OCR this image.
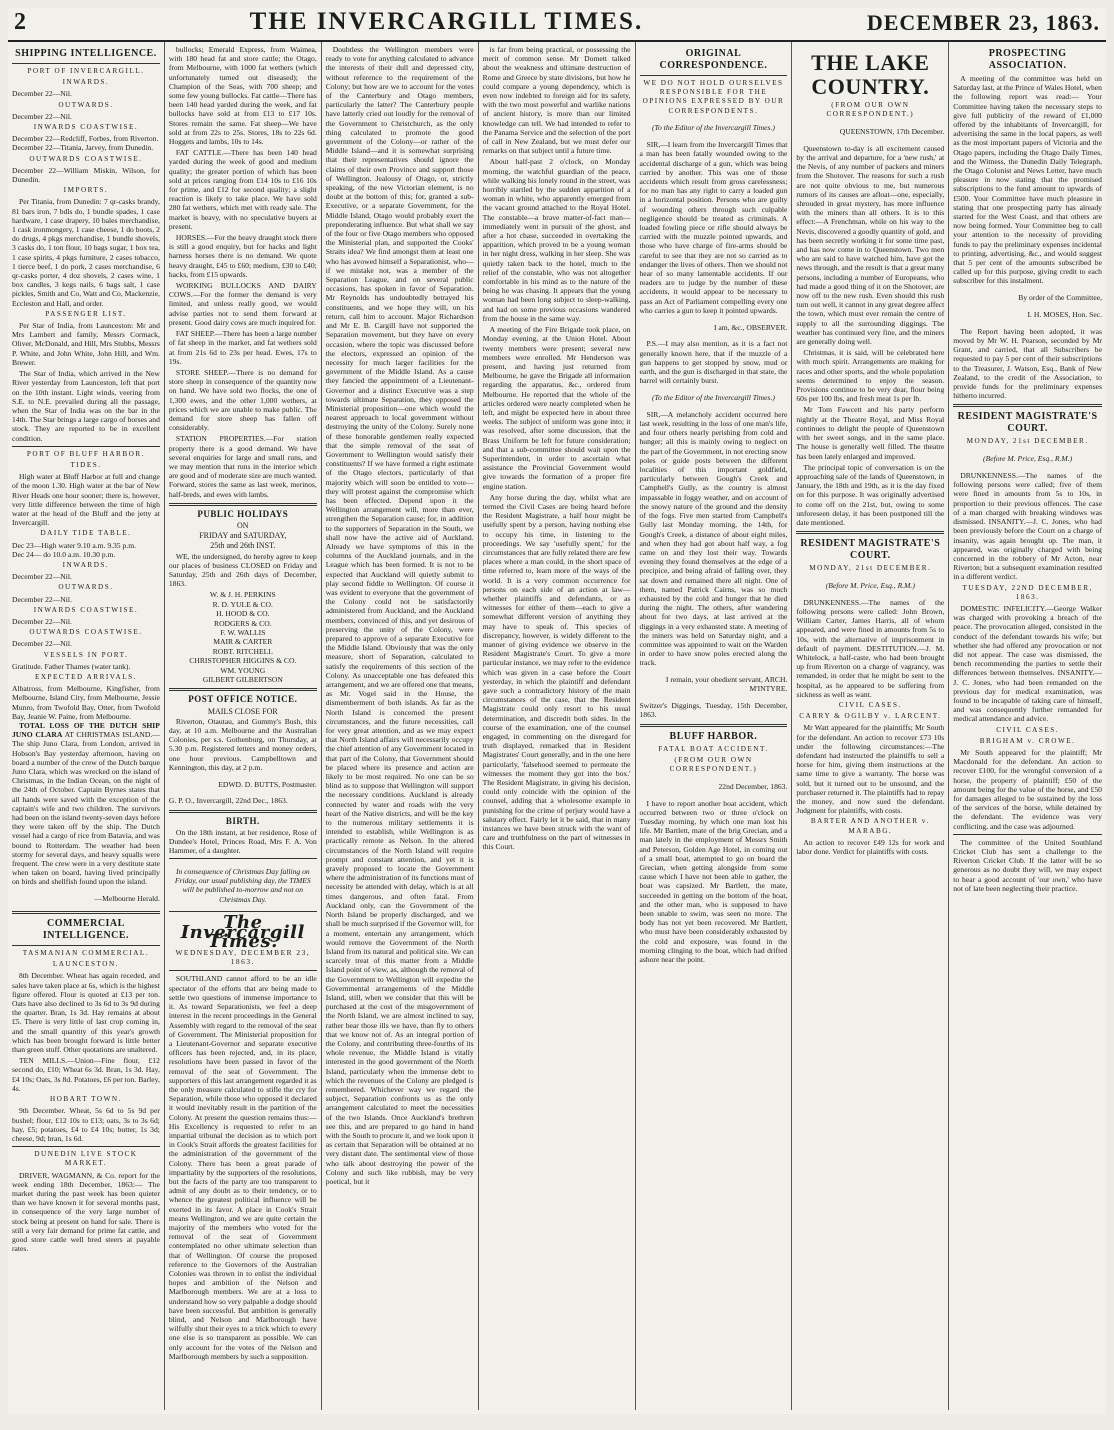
2	THE INVERCARGILL TIMES.	DECEMBER 23, 1863.
SHIPPING INTELLIGENCE.
PORT OF INVERCARGILL.
INWARDS.

December 22—Nil.

OUTWARDS.

December 22—Nil.

INWARDS COASTWISE.

December 22—Redcliff, Forbes, from Riverton.

December 22—Titania, Jarvey, from Dunedin.

OUTWARDS COASTWISE.

December 22—William Miskin, Wilson, for Dunedin.

IMPORTS.

Per Titania, from Dunedin: 7 qr-casks brandy, 81 bars iron, 7 bdls do, 1 bundle spades, 1 case hardware, 1 case drapery, 10 bales merchandise, 1 cask ironmongery, 1 case cheese, 1 do boots, 2 do drugs, 4 pkgs merchandise, 1 bundle shovels, 3 casks do, 1 ton flour, 10 bags sugar, 1 box tea, 1 case spirits, 4 pkgs furniture, 2 cases tobacco, 1 tierce beef, 1 do pork, 2 cases merchandise, 6 qr-casks porter, 4 doz shovels, 2 cases wine, 1 box candles, 3 kegs nails, 6 bags salt, 1 case pickles, Smith and Co, Watt and Co, Mackenzie, Eccleston and Hall, and order.

PASSENGER LIST.

Per Star of India, from Launceston: Mr and Mrs Lambert and family, Messrs Cormack, Oliver, McDonald, and Hill, Mrs Stubbs, Messrs P. White, and John White, John Hill, and Wm. Brewer.

The Star of India, which arrived in the New River yesterday from Launceston, left that port on the 10th instant. Light winds, veering from S.E. to N.E. prevailed during all the passage, when the Star of India was on the bar in the 14th. The Star brings a large cargo of horses and stock. They are reported to be in excellent condition.

PORT OF BLUFF HARBOR.
TIDES.

High water at Bluff Harbor at full and change of the moon 1.30. High water at the bar of New River Heads one hour sooner; there is, however, very little difference between the time of high water at the head of the Bluff and the jetty at Invercargill.

DAILY TIDE TABLE.

Dec 23—High water 9.10 a.m. 9.35 p.m.

Dec 24— do 10.0 a.m. 10.30 p.m.

INWARDS.

December 22—Nil.

OUTWARDS.

December 22—Nil.

INWARDS COASTWISE.

December 22—Nil.

OUTWARDS COASTWISE.

December 22—Nil.

VESSELS IN PORT.

Gratitude. Father Thames (water tank).

EXPECTED ARRIVALS.

Albatross, from Melbourne, Kingfisher, from Melbourne, Island City, from Melbourne, Jessie Munro, from Twofold Bay, Otter, from Twofold Bay, Jeanie W. Paine, from Melbourne.

TOTAL LOSS OF THE DUTCH SHIP JUNO CLARA AT CHRISTMAS ISLAND.—The ship Juno Clara, from London, arrived in Hobson's Bay yesterday afternoon, having on board a number of the crew of the Dutch barque Juno Clara, which was wrecked on the island of Christmas, in the Indian Ocean, on the night of the 24th of October. Captain Byrnes states that all hands were saved with the exception of the captain's wife and two children. The survivors had been on the island twenty-seven days before they were taken off by the ship. The Dutch vessel had a cargo of rice from Batavia, and was bound to Rotterdam. The weather had been stormy for several days, and heavy squalls were frequent. The crew were in a very destitute state when taken on board, having lived principally on birds and shellfish found upon the island.

—Melbourne Herald.

COMMERCIAL INTELLIGENCE.
TASMANIAN COMMERCIAL.
LAUNCESTON.

8th December. Wheat has again receded, and sales have taken place at 6s, which is the highest figure offered. Flour is quoted at £13 per ton. Oats have also declined to 3s 6d to 3s 9d during the quarter. Bran, 1s 3d. Hay remains at about £5. There is very little of last crop coming in, and the small quantity of this year's growth which has been brought forward is little better than green stuff. Other quotations are unaltered.

TEN MILLS.—Union—Fine flour, £12 second do, £10; Wheat 6s 3d. Bran, 1s 3d. Hay, £4 10s; Oats, 3s 8d. Potatoes, £6 per ton. Barley, 4s.

HOBART TOWN.

9th December. Wheat, 5s 6d to 5s 9d per bushel; flour, £12 10s to £13; oats, 3s to 3s 6d; hay, £5; potatoes, £4 to £4 10s; butter, 1s 3d; cheese, 9d; bran, 1s 6d.

DUNEDIN LIVE STOCK MARKET.

DRIVER, WAGMANN, & Co. report for the week ending 18th December, 1863:— The market during the past week has been quieter than we have known it for several months past, in consequence of the very large number of stock being at present on hand for sale. There is still a very fair demand for prime fat cattle, and good store cattle well bred steers at payable rates.

bullocks; Emerald Express, from Waimea, with 180 head fat and store cattle; the Otago, from Melbourne, with 1000 fat wethers (which unfortunately turned out diseased); the Champion of the Seas, with 700 sheep; and some few young bullocks. Fat cattle—There has been 140 head yarded during the week, and fat bullocks have sold at from £13 to £17 10s. Stores remain the same. Fat sheep—We have sold at from 22s to 25s. Stores, 18s to 22s 6d. Hoggets and lambs, 10s to 14s.

FAT CATTLE.—There has been 140 head yarded during the week of good and medium quality; the greater portion of which has been sold at prices ranging from £14 10s to £16 10s for prime, and £12 for second quality; a slight reaction is likely to take place. We have sold 280 fat wethers, which met with ready sale. The market is heavy, with no speculative buyers at present.

HORSES.—For the heavy draught stock there is still a good enquiry, but for hacks and light harness horses there is no demand. We quote heavy draught, £45 to £60; medium, £30 to £40; hacks, from £15 upwards.

WORKING BULLOCKS AND DAIRY COWS.—For the former the demand is very limited, and unless really good, we would advise parties not to send them forward at present. Good dairy cows are much inquired for.

FAT SHEEP.—There has been a large number of fat sheep in the market, and fat wethers sold at from 21s 6d to 23s per head. Ewes, 17s to 19s.

STORE SHEEP.—There is no demand for store sheep in consequence of the quantity now on hand. We have sold two flocks, the one of 1,300 ewes, and the other 1,000 wethers, at prices which we are unable to make public. The demand for store sheep has fallen off considerably.

STATION PROPERTIES.—For station property there is a good demand. We have several enquiries for large and small runs, and we may mention that runs in the interior which are good and of moderate size are much wanted. Forward, stores the same as last week, merinos, half-breds, and ewes with lambs.

PUBLIC HOLIDAYS
ON
FRIDAY and SATURDAY,
25th and 26th INST.

WE, the undersigned, do hereby agree to keep our places of business CLOSED on Friday and Saturday, 25th and 26th days of December, 1863.

W. & J. H. PERKINS

R. D. YULE & CO.

H. HOOD & CO.

RODGERS & CO.

F. W. WALLIS

MAIR & CARTER

ROBT. RITCHELL

CHRISTOPHER HIGGINS & CO.

WM. YOUNG

GILBERT GILBERTSON

POST OFFICE NOTICE.
MAILS CLOSE FOR

Riverton, Otautau, and Gummy's Bush, this day, at 10 a.m. Melbourne and the Australian Colonies, per s.s. Gothenburg, on Thursday, at 5.30 p.m. Registered letters and money orders, one hour previous. Campbelltown and Kennington, this day, at 2 p.m.

EDWD. D. BUTTS, Postmaster.

G. P. O., Invercargill, 22nd Dec., 1863.

BIRTH.

On the 18th instant, at her residence, Rose of Dundee's Hotel, Princes Road, Mrs F. A. Von Hammer, of a daughter.

In consequence of Christmas Day falling on Friday, our usual publishing day, the TIMES will be published to-morrow and not on Christmas Day.

The Invercargill Times.
WEDNESDAY, DECEMBER 23, 1863.

SOUTHLAND cannot afford to be an idle spectator of the efforts that are being made to settle two questions of immense importance to it. As toward Separationists, we feel a deep interest in the recent proceedings in the General Assembly with regard to the removal of the seat of Government. The Ministerial proposition for a Lieutenant-Governor and separate executive officers has been rejected, and, in its place, resolutions have been passed in favor of the removal of the seat of Government. The supporters of this last arrangement regarded it as the only measure calculated to stifle the cry for Separation, while those who opposed it declared it would inevitably result in the partition of the Colony. At present the question remains thus:—His Excellency is requested to refer to an impartial tribunal the decision as to which port in Cook's Strait affords the greatest facilities for the administration of the government of the Colony. There has been a great parade of impartiality by the supporters of the resolutions, but the facts of the party are too transparent to admit of any doubt as to their tendency, or to whence the greatest political influence will be exerted in its favor. A place in Cook's Strait means Wellington, and we are quite certain the majority of the members who voted for the removal of the seat of Government contemplated no other ultimate selection than that of Wellington. Of course the proposed reference to the Governors of the Australian Colonies was thrown in to enlist the individual hopes and ambition of the Nelson and Marlborough members. We are at a loss to understand how so very palpable a dodge should have been successful. But ambition is generally blind, and Nelson and Marlborough have wilfully shut their eyes to a trick which to every one else is so transparent as possible. We can only account for the votes of the Nelson and Marlborough members by such a supposition.

Doubtless the Wellington members were ready to vote for anything calculated to advance the interests of their dull and depressed city, without reference to the requirement of the Colony; but how are we to account for the votes of the Canterbury and Otago members, particularly the latter? The Canterbury people have latterly cried out loudly for the removal of the Government to Christchurch, as the only thing calculated to promote the good government of the Colony—or rather of the Middle Island—and it is somewhat surprising that their representatives should ignore the claims of their own Province and support those of Wellington. Jealousy of Otago, or, strictly speaking, of the new Victorian element, is no doubt at the bottom of this; for, granted a sub-Executive, or a separate Government, for the Middle Island, Otago would probably exert the preponderating influence. But what shall we say of the four or five Otago members who opposed the Ministerial plan, and supported the Cooks' Straits idea? We find amongst them at least one who has avowed himself a Separationist, who—if we mistake not, was a member of the Separation League, and on several public occasions, has spoken in favor of Separation. Mr Reynolds has undoubtedly betrayed his constituents, and we hope they will, on his return, call him to account. Major Richardson and Mr E. B. Cargill have not supported the Separation movement, but they have on every occasion, where the topic was discussed before the electors, expressed an opinion of the necessity for much larger facilities for the government of the Middle Island. As a cause they fancied the appointment of a Lieutenant-Governor and a distinct Executive was a step towards ultimate Separation, they opposed the Ministerial proposition—one which would the nearest approach to local government without destroying the unity of the Colony. Surely none of these honorable gentlemen really expected that the simple removal of the seat of Government to Wellington would satisfy their constituents? If we have formed a right estimate of the Otago electors, particularly of that majority which will soon be entitled to vote—they will protest against the compromise which has been effected. Depend upon it the Wellington arrangement will, more than ever, strengthen the Separation cause; for, in addition to the supporters of Separation in the South, we shall now have the active aid of Auckland. Already we have symptoms of this in the columns of the Auckland journals, and in the League which has been formed. It is not to be expected that Auckland will quietly submit to play second fiddle to Wellington. Of course it was evident to everyone that the government of the Colony could not be satisfactorily administered from Auckland, and the Auckland members, convinced of this, and yet desirous of preserving the unity of the Colony, were prepared to approve of a separate Executive for the Middle Island. Obviously that was the only measure, short of Separation, calculated to satisfy the requirements of this section of the Colony. As unacceptable one has defeated this arrangement, and we are offered one that means, as Mr. Vogel said in the House, the dismemberment of both islands. As far as the North Island is concerned the present circumstances, and the future necessities, call for very great attention, and as we may expect that North Island affairs will necessarily occupy the chief attention of any Government located in that part of the Colony, that Government should be placed where its presence and action are likely to be most required. No one can be so blind as to suppose that Wellington will support the necessary conditions. Auckland is already connected by water and roads with the very heart of the Native districts, and will be the key to the numerous military settlements it is intended to establish, while Wellington is as practically remote as Nelson. In the altered circumstances of the North Island will require prompt and constant attention, and yet it is gravely proposed to locate the Government where the administration of its functions must of necessity be attended with delay, which is at all times dangerous, and often fatal. From Auckland only, can the Government of the North Island be properly discharged, and we shall be much surprised if the Governor will, for a moment, entertain any arrangement, which would remove the Government of the North Island from its natural and political site. We can scarcely treat of this matter from a Middle Island point of view, as, although the removal of the Government to Wellington will expedite the Governmental arrangements of the Middle Island, still, when we consider that this will be purchased at the cost of the misgovernment of the North Island, we are almost inclined to say, rather bear those ills we have, than fly to others that we know not of. As an integral portion of the Colony, and contributing three-fourths of its whole revenue, the Middle Island is vitally interested in the good government of the North Island, particularly when the immense debt to which the revenues of the Colony are pledged is remembered. Whichever way we regard the subject, Separation confronts us as the only arrangement calculated to meet the necessities of the two Islands. Once Auckland's brethren see this, and are prepared to go hand in hand with the South to procure it, and we look upon it as certain that Separation will be obtained at no very distant date. The sentimental view of those who talk about destroying the power of the Colony and such like rubbish, may be very poetical, but it

is far from being practical, or possessing the merit of common sense. Mr Domett talked about the weakness and ultimate destruction of Rome and Greece by state divisions, but how he could compare a young dependency, which is even now indebted to foreign aid for its safety, with the two most powerful and warlike nations of ancient history, is more than our limited knowledge can tell. We had intended to refer to the Panama Service and the selection of the port of call in New Zealand, but we must defer our remarks on that subject until a future time.

About half-past 2 o'clock, on Monday morning, the watchful guardian of the peace, while walking his lonely round in the street, was horribly startled by the sudden apparition of a woman in white, who apparently emerged from the vacant ground attached to the Royal Hotel. The constable—a brave matter-of-fact man—immediately went in pursuit of the ghost, and after a hot chase, succeeded in overtaking the apparition, which proved to be a young woman in her night dress, walking in her sleep. She was quietly taken back to the hotel, much to the relief of the constable, who was not altogether comfortable in his mind as to the nature of the being he was chasing. It appears that the young woman had been long subject to sleep-walking, and had on some previous occasions wandered from the house in the same way.

A meeting of the Fire Brigade took place, on Monday evening, at the Union Hotel. About twenty members were present; several new members were enrolled. Mr Henderson was present, and having just returned from Melbourne, he gave the Brigade all information regarding the apparatus, &c., ordered from Melbourne. He reported that the whole of the articles ordered were nearly completed when he left, and might be expected here in about three weeks. The subject of uniform was gone into; it was resolved, after some discussion, that the Brass Uniform be left for future consideration; and that a sub-committee should wait upon the Superintendent, in order to ascertain what assistance the Provincial Government would give towards the formation of a proper fire engine station.

Any horse during the day, whilst what are termed the Civil Cases are being heard before the Resident Magistrate, a half hour might be usefully spent by a person, having nothing else to occupy his time, in listening to the proceedings. We say 'usefully spent,' for the circumstances that are fully related there are few places where a man could, in the short space of time referred to, learn more of the ways of the world. It is a very common occurrence for persons on each side of an action at law—whether plaintiffs and defendants, or as witnesses for either of them—each to give a somewhat different version of anything they may have to speak of. This species of discrepancy, however, is widely different to the manner of giving evidence we observe in the Resident Magistrate's Court. To give a more particular instance, we may refer to the evidence which was given in a case before the Court yesterday, in which the plaintiff and defendant gave such a contradictory history of the main circumstances of the case, that the Resident Magistrate could only resort to his usual determination, and discredit both sides. In the course of the examination, one of the counsel engaged, in commenting on the disregard for truth displayed, remarked that in Resident Magistrates' Court generally, and in the one here particularly, 'falsehood seemed to permeate the witnesses the moment they got into the box.' The Resident Magistrate, in giving his decision, could only coincide with the opinion of the counsel, adding that a wholesome example in punishing for the crime of perjury would have a salutary effect. Fairly let it be said, that in many instances we have been struck with the want of care and truthfulness on the part of witnesses in this Court.

ORIGINAL CORRESPONDENCE.
WE DO NOT HOLD OURSELVES RESPONSIBLE FOR THE OPINIONS EXPRESSED BY OUR CORRESPONDENTS.

(To the Editor of the Invercargill Times.)

SIR,—I learn from the Invercargill Times that a man has been fatally wounded owing to the accidental discharge of a gun, which was being carried by another. This was one of those accidents which result from gross carelessness; for no man has any right to carry a loaded gun in a horizontal position. Persons who are guilty of wounding others through such culpable negligence should be treated as criminals. A loaded fowling piece or rifle should always be carried with the muzzle pointed upwards, and those who have charge of fire-arms should be careful to see that they are not so carried as to endanger the lives of others. Then we should not hear of so many lamentable accidents. If our readers are to judge by the number of these accidents, it would appear to be necessary to pass an Act of Parliament compelling every one who carries a gun to keep it pointed upwards.

I am, &c., OBSERVER.

P.S.—I may also mention, as it is a fact not generally known here, that if the muzzle of a gun happens to get stopped by snow, mud or earth, and the gun is discharged in that state, the barrel will certainly burst.

(To the Editor of the Invercargill Times.)

SIR,—A melancholy accident occurred here last week, resulting in the loss of one man's life, and four others nearly perishing from cold and hunger; all this is mainly owing to neglect on the part of the Government, in not erecting snow poles or guide posts between the different localities of this important goldfield, particularly between Gough's Creek and Campbell's Gully, as the country is almost impassable in foggy weather, and on account of the snowy nature of the ground and the density of the fogs. Five men started from Campbell's Gully last Monday morning, the 14th, for Gough's Creek, a distance of about eight miles, and when they had got about half way, a fog came on and they lost their way. Towards evening they found themselves at the edge of a precipice, and being afraid of falling over, they sat down and remained there all night. One of them, named Patrick Cairns, was so much exhausted by the cold and hunger that he died during the night. The others, after wandering about for two days, at last arrived at the diggings in a very exhausted state. A meeting of the miners was held on Saturday night, and a committee was appointed to wait on the Warden in order to have snow poles erected along the track.

I remain, your obedient servant, ARCH. M'INTYRE.

Switzer's Diggings, Tuesday, 15th December, 1863.

BLUFF HARBOR.
FATAL BOAT ACCIDENT.
(FROM OUR OWN CORRESPONDENT.)

22nd December, 1863.

I have to report another boat accident, which occurred between two or three o'clock on Tuesday morning, by which one man lost his life. Mr Bartlett, mate of the brig Grecian, and a man lately in the employment of Messrs Smith and Peterson, Golden Age Hotel, in coming out of a small boat, attempted to go on board the Grecian, when getting alongside from some cause which I have not been able to gather, the boat was capsized. Mr Bartlett, the mate, succeeded in getting on the bottom of the boat, and the other man, who is supposed to have been unable to swim, was seen no more. The body has not yet been recovered. Mr Bartlett, who must have been considerably exhausted by the cold and exposure, was found in the morning clinging to the boat, which had drifted ashore near the point.

THE LAKE COUNTRY.
(FROM OUR OWN CORRESPONDENT.)

QUEENSTOWN, 17th December.

Queenstown to-day is all excitement caused by the arrival and departure, for a 'new rush,' at the Nevis, of any number of packers and miners from the Shotover. The reasons for such a rush are not quite obvious to me, but numerous rumors of its causes are afloat—one, especially, shrouded in great mystery, has more influence with the miners than all others. It is to this effect:—A Frenchman, while on his way to the Nevis, discovered a goodly quantity of gold, and has been secretly working it for some time past, and has now come in to Queenstown. Two men who are said to have watched him, have got the news through, and the result is that a great many persons, including a number of Europeans, who had made a good thing of it on the Shotover, are now off to the new rush. Even should this rush turn out well, it cannot in any great degree affect the town, which must ever remain the centre of supply to all the surrounding diggings. The weather has continued very fine, and the miners are generally doing well.

Christmas, it is said, will be celebrated here with much spirit. Arrangements are making for races and other sports, and the whole population seems determined to enjoy the season. Provisions continue to be very dear, flour being 60s per 100 lbs, and fresh meat 1s per lb.

Mr Tom Fawcett and his party perform nightly at the Theatre Royal, and Miss Royal continues to delight the people of Queenstown with her sweet songs, and in the same place. The house is generally well filled. The theatre has been lately enlarged and improved.

The principal topic of conversation is on the approaching sale of the lands of Queenstown, in January, the 18th and 19th, as it is the day fixed on for this purpose. It was originally advertised to come off on the 21st, but, owing to some unforeseen delay, it has been postponed till the date mentioned.

RESIDENT MAGISTRATE'S COURT.
MONDAY, 21st DECEMBER.

(Before M. Price, Esq., R.M.)

DRUNKENNESS.—The names of the following persons were called: John Brown, William Carter, James Harris, all of whom appeared, and were fined in amounts from 5s to 10s, with the alternative of imprisonment in default of payment. DESTITUTION.—J. M. Whitelock, a half-caste, who had been brought up from Riverton on a charge of vagrancy, was remanded, in order that he might be sent to the hospital, as he appeared to be suffering from sickness as well as want.

CIVIL CASES.
CARRY & OGILBY v. LARCENT.

Mr Watt appeared for the plaintiffs; Mr South for the defendant. An action to recover £73 10s under the following circumstances:—The defendant had instructed the plaintiffs to sell a horse for him, giving them instructions at the same time to give a warranty. The horse was sold, but it turned out to be unsound, and the purchaser returned it. The plaintiffs had to repay the money, and now sued the defendant. Judgment for plaintiffs, with costs.

BARTER AND ANOTHER v. MARABG.

An action to recover £49 12s for work and labor done. Verdict for plaintiffs with costs.

PROSPECTING ASSOCIATION.

A meeting of the committee was held on Saturday last, at the Prince of Wales Hotel, when the following report was read:— Your Committee having taken the necessary steps to give full publicity of the reward of £1,000 offered by the inhabitants of Invercargill, for advertising the same in the local papers, as well as the most important papers of Victoria and the Otago papers, including the Otago Daily Times, and the Witness, the Dunedin Daily Telegraph, the Otago Colonist and News Letter, have much pleasure in now stating that the promised subscriptions to the fund amount to upwards of £500. Your Committee have much pleasure in stating that one prospecting party has already started for the West Coast, and that others are now being formed. Your Committee beg to call your attention to the necessity of providing funds to pay the preliminary expenses incidental to printing, advertising, &c., and would suggest that 5 per cent of the amounts subscribed be called up for this purpose, giving credit to each subscriber for this instalment.

By order of the Committee,

I. H. MOSES, Hon. Sec.

The Report having been adopted, it was moved by Mr W. H. Pearson, seconded by Mr Grant, and carried, that all Subscribers be requested to pay 5 per cent of their subscriptions to the Treasurer, J. Watson, Esq., Bank of New Zealand, to the credit of the Association, to provide funds for the preliminary expenses hitherto incurred.

RESIDENT MAGISTRATE'S COURT.
MONDAY, 21st DECEMBER.

(Before M. Price, Esq., R.M.)

DRUNKENNESS.—The names of the following persons were called; five of them were fined in amounts from 5s to 10s, in proportion to their previous offences. The case of a man charged with breaking windows was dismissed. INSANITY.—J. C. Jones, who had been previously before the Court on a charge of insanity, was again brought up. The man, it appeared, was originally charged with being concerned in the robbery of Mr Acton, near Riverton; but a subsequent examination resulted in a different verdict.

TUESDAY, 22ND DECEMBER, 1863.

DOMESTIC INFELICITY.—George Walker was charged with provoking a breach of the peace. The provocation alleged, consisted in the conduct of the defendant towards his wife; but whether she had offered any provocation or not did not appear. The case was dismissed, the bench recommending the parties to settle their differences between themselves. INSANITY.—J. C. Jones, who had been remanded on the previous day for medical examination, was found to be incapable of taking care of himself, and was consequently further remanded for medical attendance and advice.

CIVIL CASES.
BRIGHAM v. CROWE.

Mr South appeared for the plaintiff; Mr Macdonald for the defendant. An action to recover £100, for the wrongful conversion of a horse, the property of plaintiff; £50 of the amount being for the value of the horse, and £50 for damages alleged to be sustained by the loss of the services of the horse, while detained by the defendant. The evidence was very conflicting, and the case was adjourned.

The committee of the United Southland Cricket Club has sent a challenge to the Riverton Cricket Club. If the latter will be so generous as no doubt they will, we may expect to hear a good account of 'our own,' who have not of late been neglecting their practice.
